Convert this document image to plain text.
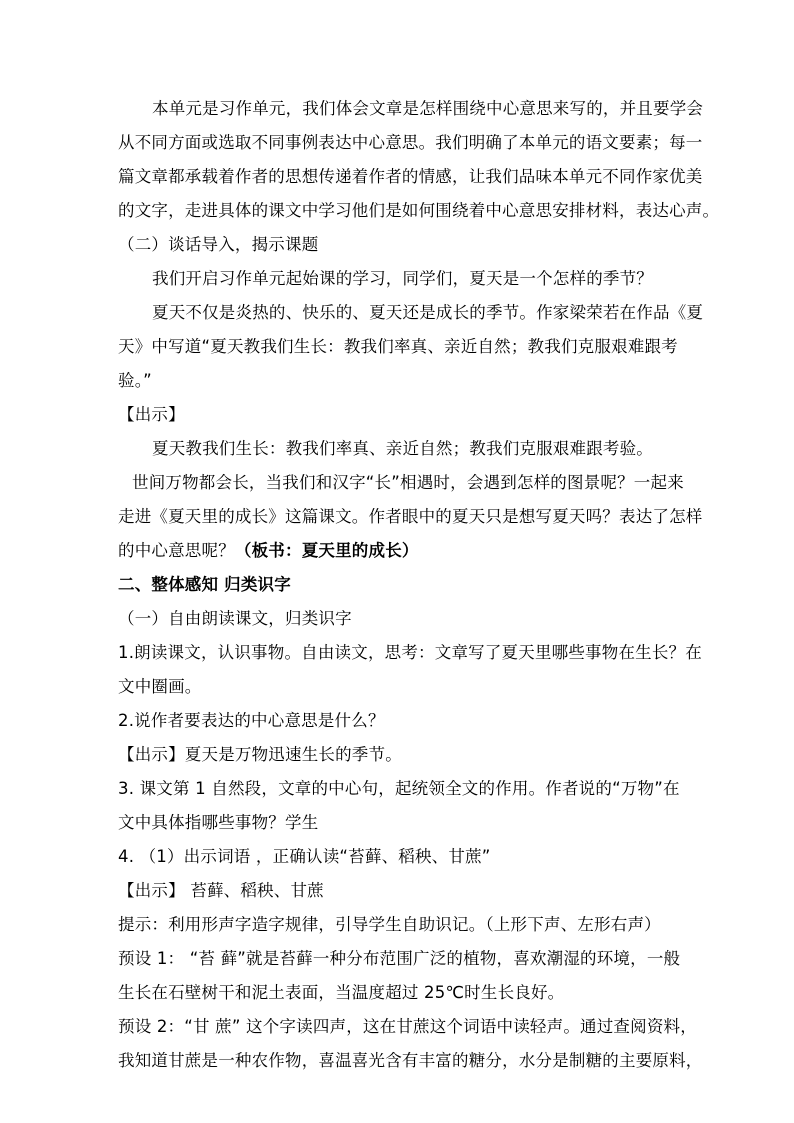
本单元是习作单元，我们体会文章是怎样围绕中心意思来写的，并且要学会
从不同方面或选取不同事例表达中心意思。我们明确了本单元的语文要素；每一
篇文章都承载着作者的思想传递着作者的情感，让我们品味本单元不同作家优美
的文字，走进具体的课文中学习他们是如何围绕着中心意思安排材料，表达心声。
（二）谈话导入，揭示课题
我们开启习作单元起始课的学习，同学们，夏天是一个怎样的季节？
夏天不仅是炎热的、快乐的、夏天还是成长的季节。作家梁荣若在作品《夏
天》中写道“夏天教我们生长：教我们率真、亲近自然；教我们克服艰难跟考
验。”
【出示】
夏天教我们生长：教我们率真、亲近自然；教我们克服艰难跟考验。
世间万物都会长，当我们和汉字“长”相遇时，会遇到怎样的图景呢？一起来
走进《夏天里的成长》这篇课文。作者眼中的夏天只是想写夏天吗？表达了怎样
的中心意思呢？（板书：夏天里的成长）
二、整体感知 归类识字
（一）自由朗读课文，归类识字
1.朗读课文，认识事物。自由读文，思考：文章写了夏天里哪些事物在生长？在
文中圈画。
2.说作者要表达的中心意思是什么？
【出示】夏天是万物迅速生长的季节。
3. 课文第 1 自然段，文章的中心句，起统领全文的作用。作者说的“万物”在
文中具体指哪些事物？学生
4. （1）出示词语 ，正确认读“苔藓、稻秧、甘蔗”
【出示】 苔藓、稻秧、甘蔗
提示：利用形声字造字规律，引导学生自助识记。（上形下声、左形右声）
预设 1： “苔 藓”就是苔藓一种分布范围广泛的植物，喜欢潮湿的环境，一般
生长在石壁树干和泥土表面，当温度超过 25℃时生长良好。
预设 2：“甘 蔗” 这个字读四声，这在甘蔗这个词语中读轻声。通过查阅资料，
我知道甘蔗是一种农作物，喜温喜光含有丰富的糖分，水分是制糖的主要原料，
